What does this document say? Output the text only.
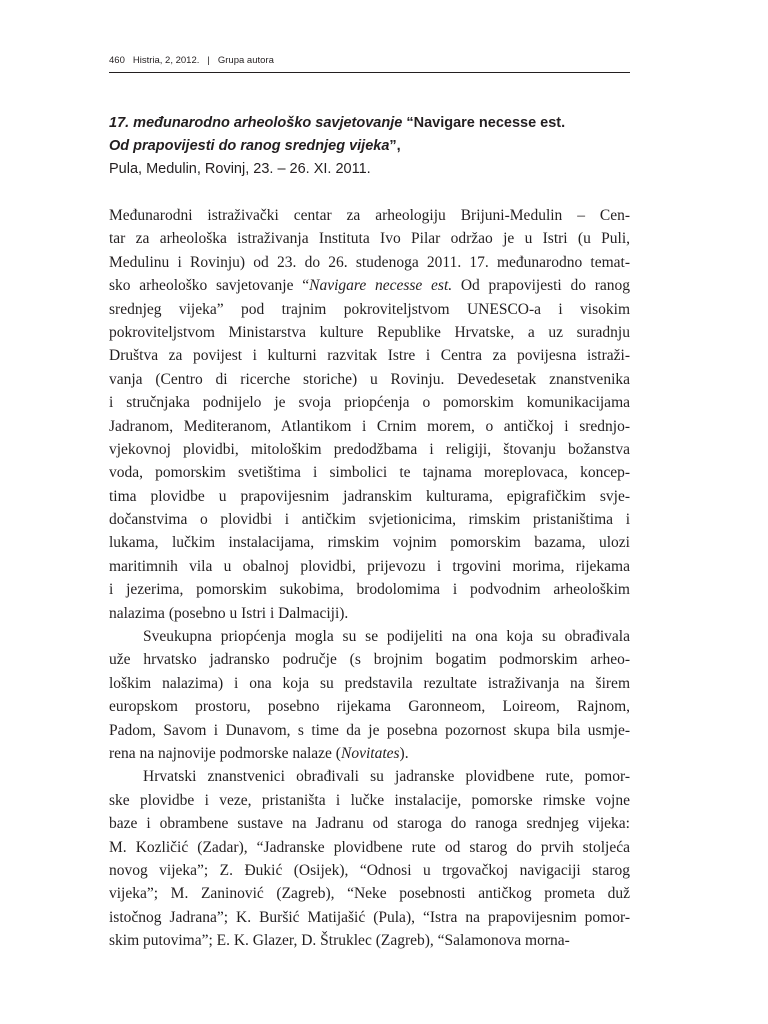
460 Histria, 2, 2012. | Grupa autora
17. međunarodno arheološko savjetovanje “Navigare necesse est.
Od prapovijesti do ranog srednjeg vijeka”,
Pula, Medulin, Rovinj, 23. – 26. XI. 2011.
Međunarodni istraživački centar za arheologiju Brijuni-Medulin – Cen-
tar za arheološka istraživanja Instituta Ivo Pilar održao je u Istri (u Puli,
Medulinu i Rovinju) od 23. do 26. studenoga 2011. 17. međunarodno temat-
sko arheološko savjetovanje “Navigare necesse est. Od prapovijesti do ranog
srednjeg vijeka” pod trajnim pokroviteljstvom UNESCO-a i visokim
pokroviteljstvom Ministarstva kulture Republike Hrvatske, a uz suradnju
Društva za povijest i kulturni razvitak Istre i Centra za povijesna istraži-
vanja (Centro di ricerche storiche) u Rovinju. Devedesetak znanstvenika
i stručnjaka podnijelo je svoja priopćenja o pomorskim komunikacijama
Jadranom, Mediteranom, Atlantikom i Crnim morem, o antičkoj i srednjo-
vjekovnoj plovidbi, mitološkim predodžbama i religiji, štovanju božanstva
voda, pomorskim svetištima i simbolici te tajnama moreplovaca, koncep-
tima plovidbe u prapovijesnim jadranskim kulturama, epigrafičkim svje-
dočanstvima o plovidbi i antičkim svjetionicima, rimskim pristaništima i
lukama, lučkim instalacijama, rimskim vojnim pomorskim bazama, ulozi
maritimnih vila u obalnoj plovidbi, prijevozu i trgovini morima, rijekama
i jezerima, pomorskim sukobima, brodolomima i podvodnim arheološkim
nalazima (posebno u Istri i Dalmaciji).
Sveukupna priopćenja mogla su se podijeliti na ona koja su obrađivala
uže hrvatsko jadransko područje (s brojnim bogatim podmorskim arheo-
loškim nalazima) i ona koja su predstavila rezultate istraživanja na širem
europskom prostoru, posebno rijekama Garonneom, Loireom, Rajnom,
Padom, Savom i Dunavom, s time da je posebna pozornost skupa bila usmje-
rena na najnovije podmorske nalaze (Novitates).
Hrvatski znanstvenici obrađivali su jadranske plovidbene rute, pomor-
ske plovidbe i veze, pristaništa i lučke instalacije, pomorske rimske vojne
baze i obrambene sustave na Jadranu od staroga do ranoga srednjeg vijeka:
M. Kozličić (Zadar), “Jadranske plovidbene rute od starog do prvih stoljeća
novog vijeka”; Z. Đukić (Osijek), “Odnosi u trgovačkoj navigaciji starog
vijeka”; M. Zaninović (Zagreb), “Neke posebnosti antičkog prometa duž
istočnog Jadrana”; K. Buršić Matijašić (Pula), “Istra na prapovijesnim pomor-
skim putovima”; E. K. Glazer, D. Štruklec (Zagreb), “Salamonova morna-
